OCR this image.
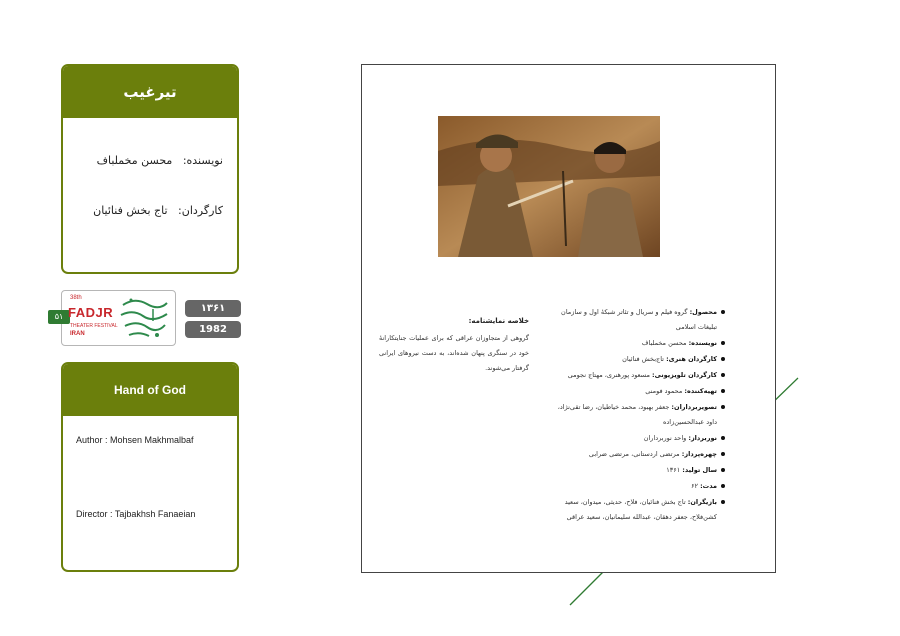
تیرغیب
نویسنده:   محسن مخملباف
کارگردان:   تاج بخش فنائیان
۵۱
38th
FADJR
THEATER FESTIVAL
IRAN
۱۳۶۱
1982
Hand of God
Author : Mohsen Makhmalbaf
Director : Tajbakhsh Fanaeian
خلاصه نمایشنامه:
گروهی از متجاوزان عراقی که برای عملیات جنایتکارانهٔ خود در سنگری پنهان شده‌اند، به دست نیروهای ایرانی گرفتار می‌شوند.
محصول: گروه فیلم و سریال و تئاتر شبکهٔ اول و سازمان تبلیغات اسلامی
نویسنده: محسن مخملباف
کارگردان هنری: تاج‌بخش فنائیان
کارگردان تلویزیونی: مسعود پورهنری، مهتاج نجومی
تهیه‌کننده: محمود فومنی
تصویربرداران: جعفر بهبود، محمد خیاطیان، رضا تقی‌نژاد، داود عبدالحسین‌زاده
نوربرداز: واحد نوربرداران
چهره‌پرداز: مرتضی اردستانی، مرتضی ضرابی
سال تولید: ۱۳۶۱
مدت: ۶۲
بازیگران: تاج بخش فنائیان، فلاح، حدیثی، میدوان، سعید کشن‌فلاح، جعفر دهقان، عبدالله سلیمانیان، سعید عراقی
